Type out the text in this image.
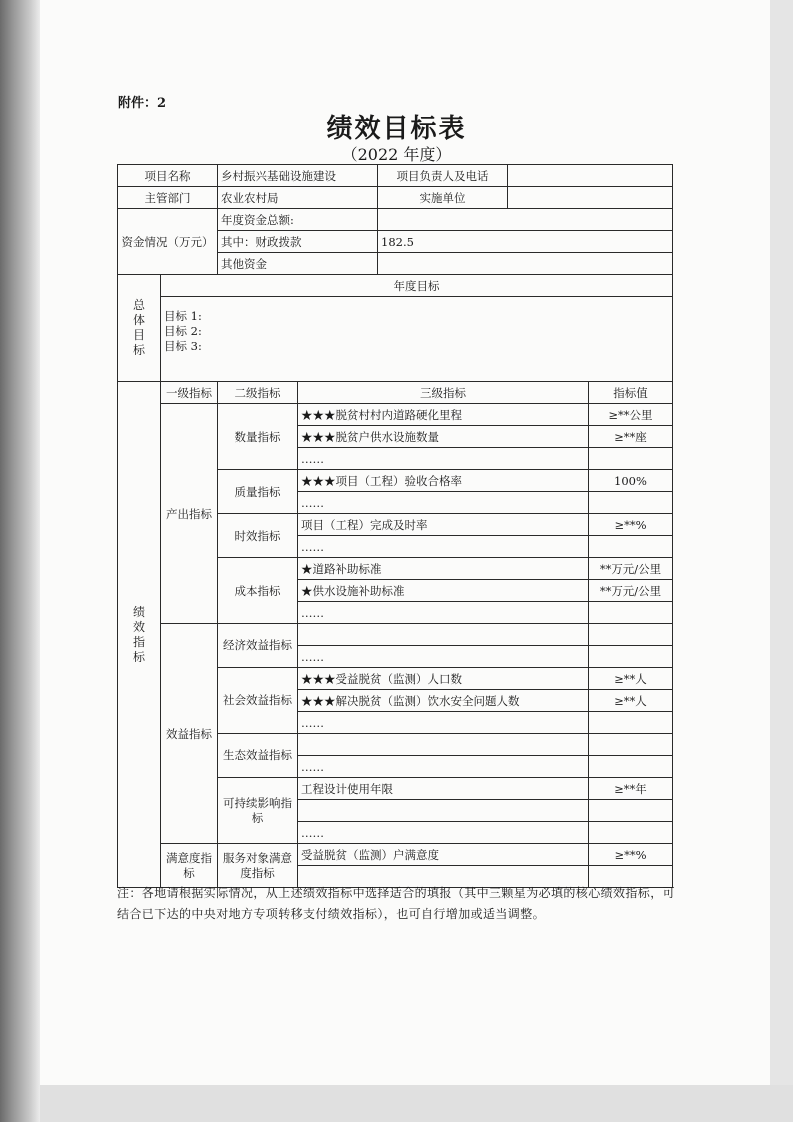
附件：2
绩效目标表
（2022 年度）
项目名称		乡村振兴基础设施建设		项目负责人及电话		
主管部门		农业农村局		实施单位		
资金情况（万元）		年度资金总额:				
		其中：财政拨款		182.5		
		其他资金				

总体目标	年度目标					

	目标 1:
目标 2:
目标 3:					

绩效指标	一级指标	二级指标	三级指标			指标值
	产出指标	数量指标	★★★脱贫村村内道路硬化里程			≥**公里
			★★★脱贫户供水设施数量			≥**座
			……			
		质量指标	★★★项目（工程）验收合格率			100%
			……			
		时效指标	项目（工程）完成及时率			≥**%
			……			
		成本指标	★道路补助标准			**万元/公里
			★供水设施补助标准			**万元/公里
			……			
	效益指标	经济效益指标				
			……			
		社会效益指标	★★★受益脱贫（监测）人口数			≥**人
			★★★解决脱贫（监测）饮水安全问题人数			≥**人
			……			
		生态效益指标				
			……			
		可持续影响指标	工程设计使用年限			≥**年

			……			
	满意度指标	服务对象满意度指标	受益脱贫（监测）户满意度			≥**%

注：各地请根据实际情况，从上述绩效指标中选择适合的填报（其中三颗星为必填的核心绩效指标，可结合已下达的中央对地方专项转移支付绩效指标），也可自行增加或适当调整。
